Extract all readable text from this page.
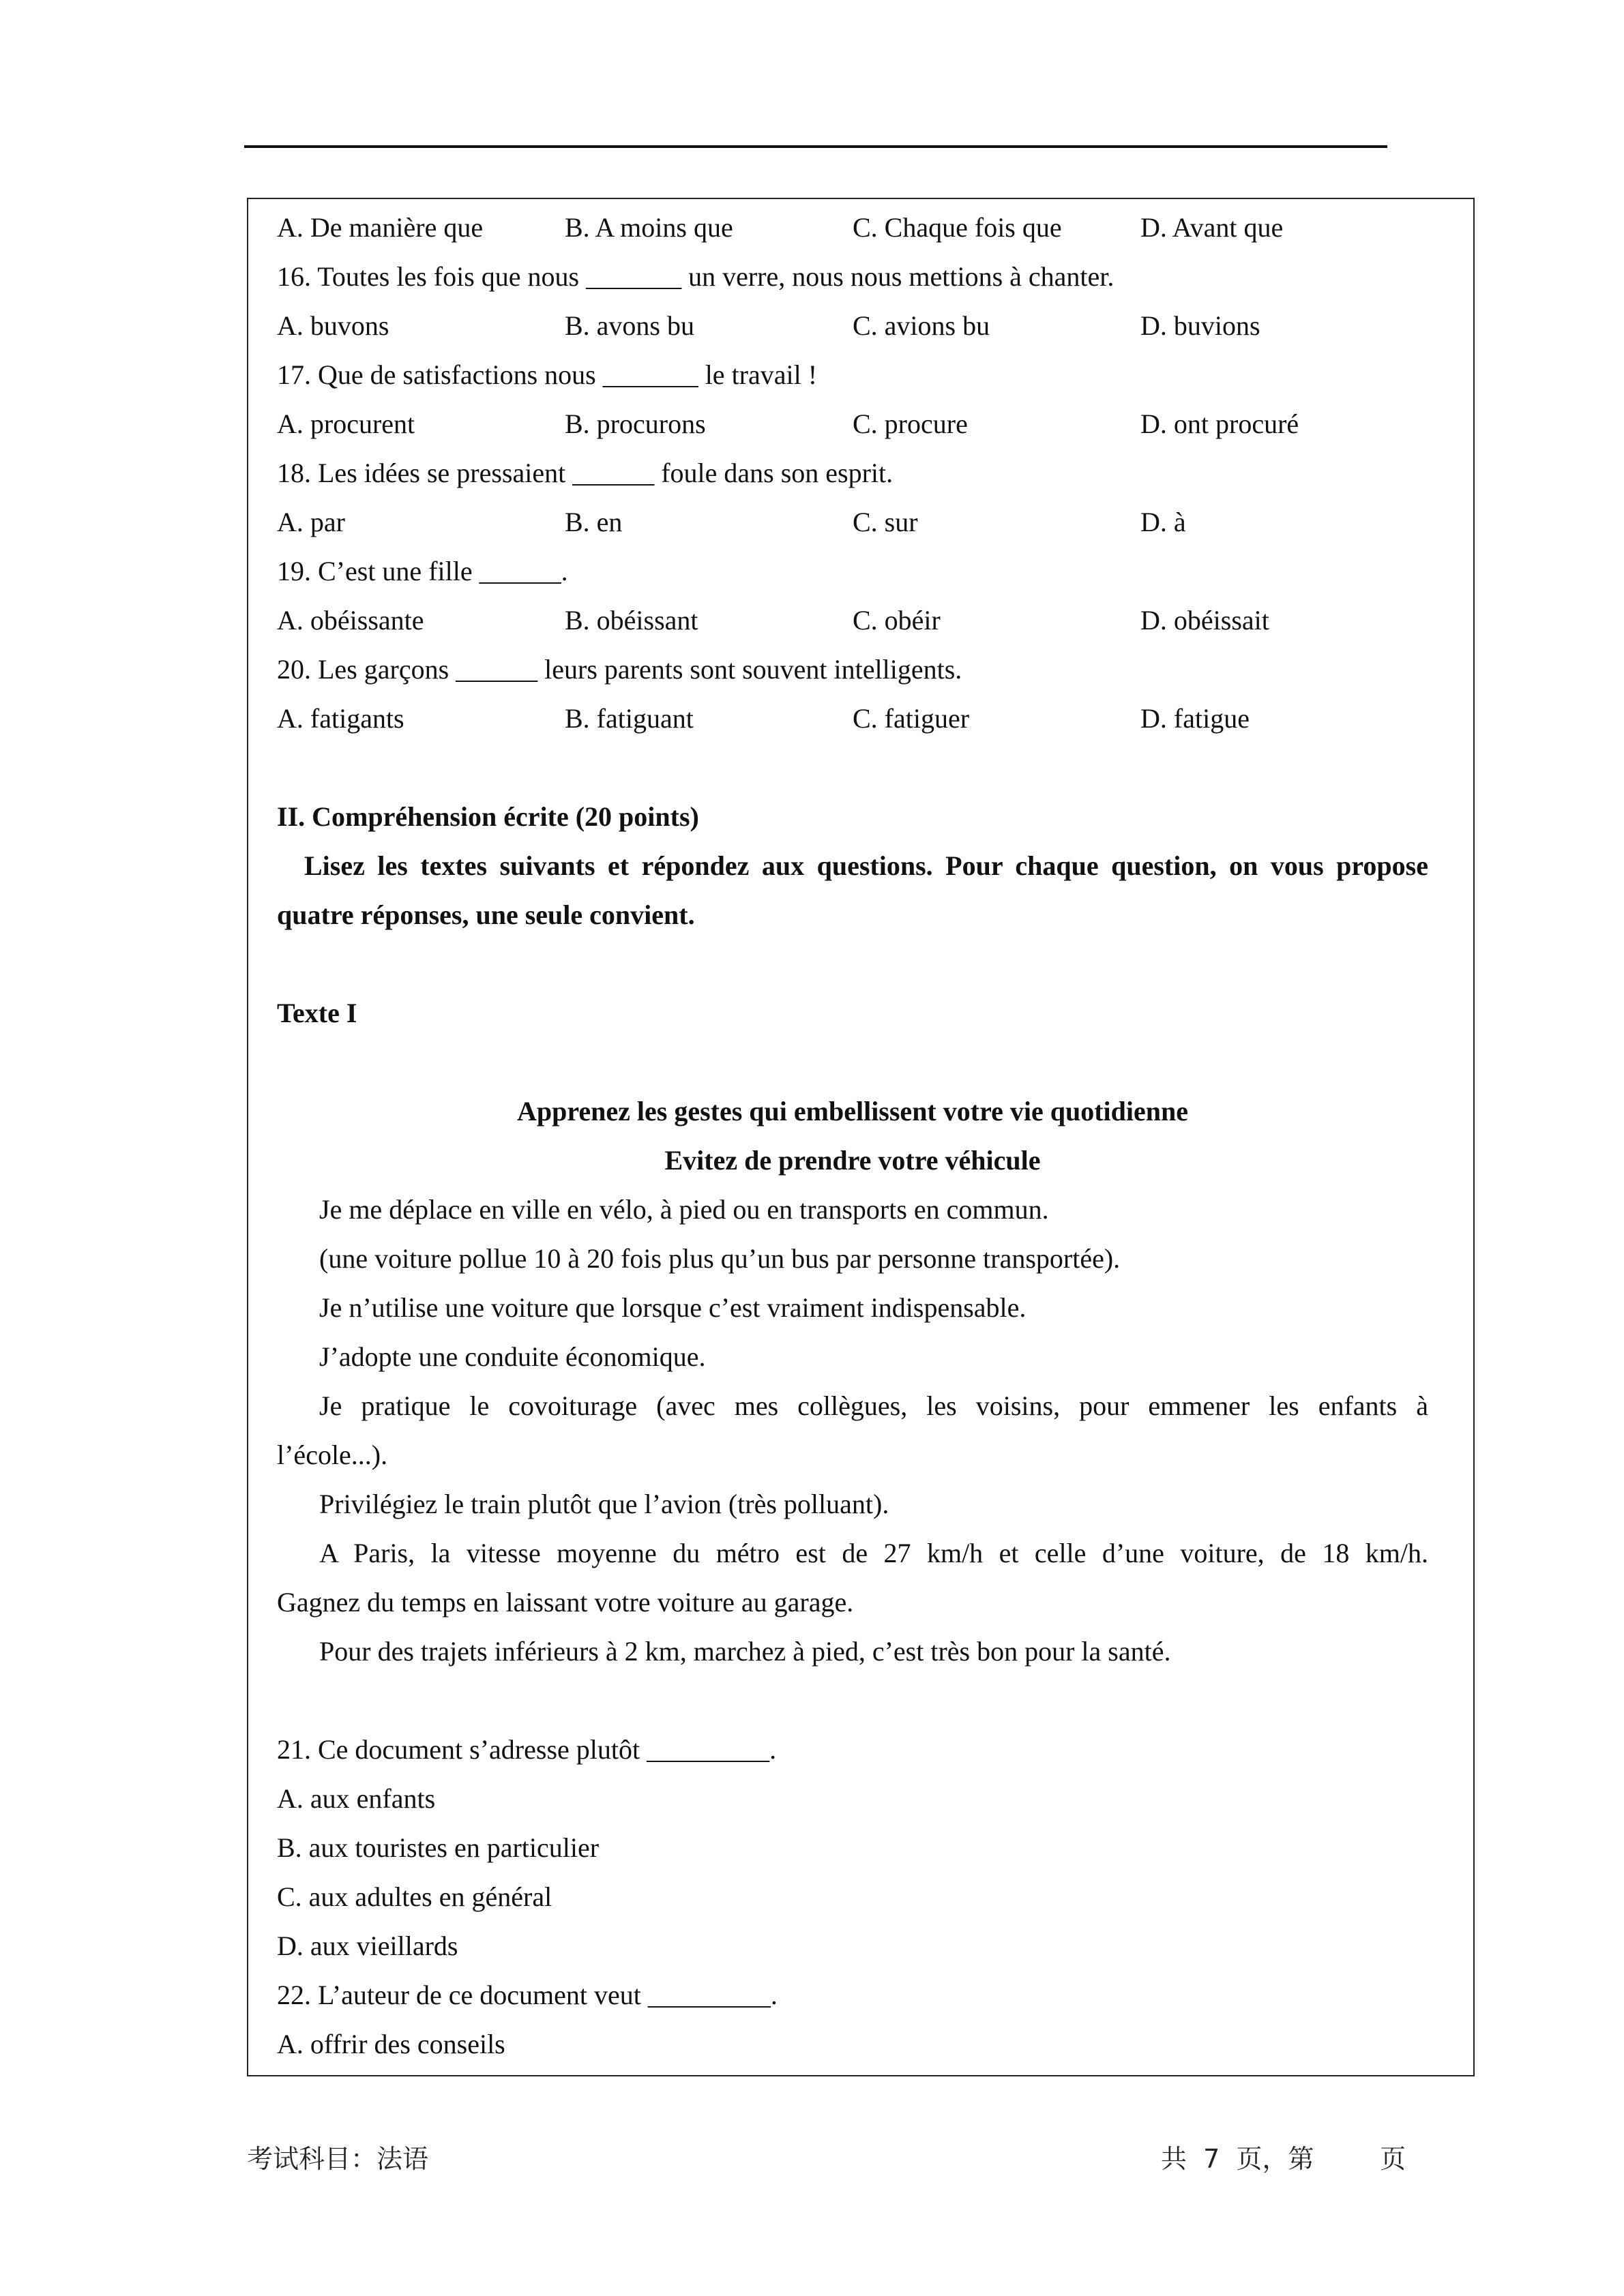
A. De manière que	B. A moins que	C. Chaque fois que	D. Avant que
16. Toutes les fois que nous _______ un verre, nous nous mettions à chanter.
A. buvons	B. avons bu	C. avions bu	D. buvions
17. Que de satisfactions nous _______ le travail !
A. procurent	B. procurons	C. procure	D. ont procuré
18. Les idées se pressaient ______ foule dans son esprit.
A. par	B. en	C. sur	D. à
19. C’est une fille ______.
A. obéissante	B. obéissant	C. obéir	D. obéissait
20. Les garçons ______ leurs parents sont souvent intelligents.
A. fatigants	B. fatiguant	C. fatiguer	D. fatigue
II. Compréhension écrite (20 points)
Lisez les textes suivants et répondez aux questions. Pour chaque question, on vous propose
quatre réponses, une seule convient.
Texte I
Apprenez les gestes qui embellissent votre vie quotidienne
Evitez de prendre votre véhicule
Je me déplace en ville en vélo, à pied ou en transports en commun.
(une voiture pollue 10 à 20 fois plus qu’un bus par personne transportée).
Je n’utilise une voiture que lorsque c’est vraiment indispensable.
J’adopte une conduite économique.
Je pratique le covoiturage (avec mes collègues, les voisins, pour emmener les enfants à
l’école...).
Privilégiez le train plutôt que l’avion (très polluant).
A Paris, la vitesse moyenne du métro est de 27 km/h et celle d’une voiture, de 18 km/h.
Gagnez du temps en laissant votre voiture au garage.
Pour des trajets inférieurs à 2 km, marchez à pied, c’est très bon pour la santé.
21. Ce document s’adresse plutôt _________.
A. aux enfants
B. aux touristes en particulier
C. aux adultes en général
D. aux vieillards
22. L’auteur de ce document veut _________.
A. offrir des conseils
考试科目：法语	共  7  页，第        页
